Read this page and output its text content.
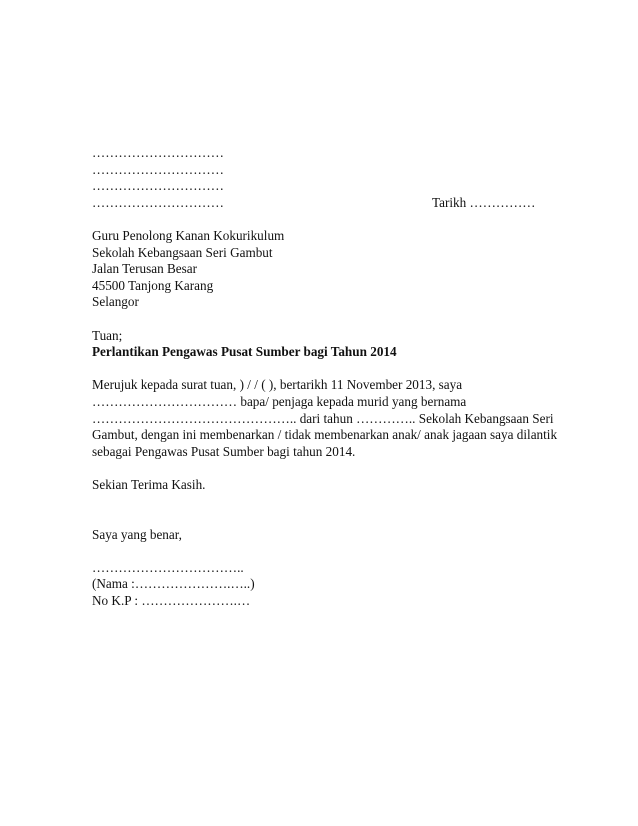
…………………………
…………………………
…………………………
…………………………	Tarikh ……………
Guru Penolong Kanan Kokurikulum
Sekolah Kebangsaan Seri Gambut
Jalan Terusan Besar
45500 Tanjong Karang
Selangor
Tuan;
Perlantikan Pengawas Pusat Sumber bagi Tahun 2014
Merujuk kepada surat tuan, ) / / ( ), bertarikh 11 November 2013, saya
…………………………… bapa/ penjaga kepada murid yang bernama
……………………………………….. dari tahun ………….. Sekolah Kebangsaan Seri
Gambut, dengan ini membenarkan / tidak membenarkan anak/ anak jagaan saya dilantik
sebagai Pengawas Pusat Sumber bagi tahun 2014.
Sekian Terima Kasih.
Saya yang benar,
……………………………..
(Nama :………………….…..)
No K.P : ………………….…
